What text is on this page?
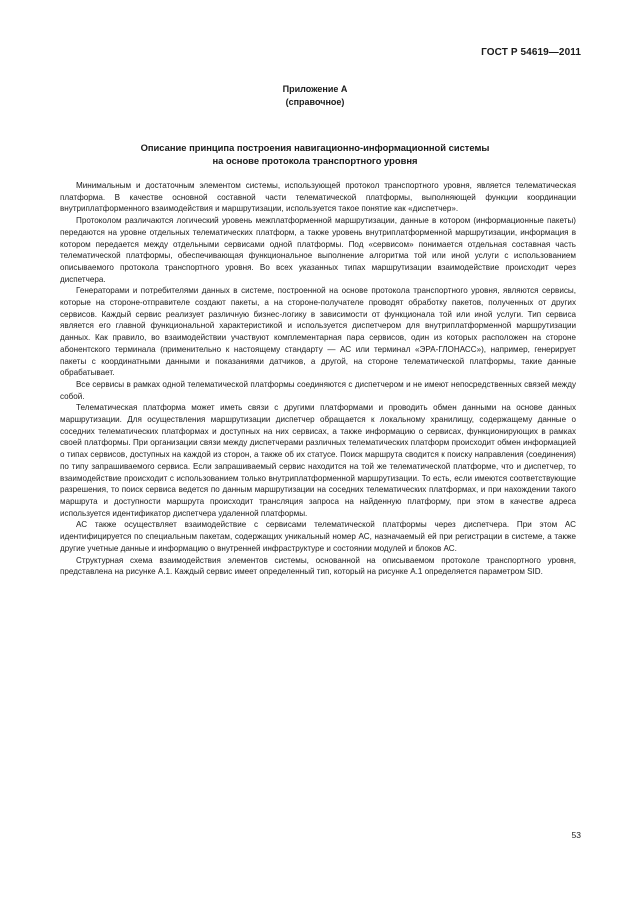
ГОСТ Р 54619—2011
Приложение А
(справочное)
Описание принципа построения навигационно-информационной системы
на основе протокола транспортного уровня

Минимальным и достаточным элементом системы, использующей протокол транспортного уровня, является телематическая платформа. В качестве основной составной части телематической платформы, выполняющей функции координации внутриплатформенного взаимодействия и маршрутизации, используется такое понятие как «диспетчер».

Протоколом различаются логический уровень межплатформенной маршрутизации, данные в котором (информационные пакеты) передаются на уровне отдельных телематических платформ, а также уровень внутриплатформенной маршрутизации, информация в котором передается между отдельными сервисами одной платформы. Под «сервисом» понимается отдельная составная часть телематической платформы, обеспечивающая функциональное выполнение алгоритма той или иной услуги с использованием описываемого протокола транспортного уровня. Во всех указанных типах маршрутизации взаимодействие происходит через диспетчера.

Генераторами и потребителями данных в системе, построенной на основе протокола транспортного уровня, являются сервисы, которые на стороне-отправителе создают пакеты, а на стороне-получателе проводят обработку пакетов, полученных от других сервисов. Каждый сервис реализует различную бизнес-логику в зависимости от функционала той или иной услуги. Тип сервиса является его главной функциональной характеристикой и используется диспетчером для внутриплатформенной маршрутизации данных. Как правило, во взаимодействии участвуют комплементарная пара сервисов, один из которых расположен на стороне абонентского терминала (применительно к настоящему стандарту — АС или терминал «ЭРА-ГЛОНАСС»), например, генерирует пакеты с координатными данными и показаниями датчиков, а другой, на стороне телематической платформы, такие данные обрабатывает.

Все сервисы в рамках одной телематической платформы соединяются с диспетчером и не имеют непосредственных связей между собой.

Телематическая платформа может иметь связи с другими платформами и проводить обмен данными на основе данных маршрутизации. Для осуществления маршрутизации диспетчер обращается к локальному хранилищу, содержащему данные о соседних телематических платформах и доступных на них сервисах, а также информацию о сервисах, функционирующих в рамках своей платформы. При организации связи между диспетчерами различных телематических платформ происходит обмен информацией о типах сервисов, доступных на каждой из сторон, а также об их статусе. Поиск маршрута сводится к поиску направления (соединения) по типу запрашиваемого сервиса. Если запрашиваемый сервис находится на той же телематической платформе, что и диспетчер, то взаимодействие происходит с использованием только внутриплатформенной маршрутизации. То есть, если имеются соответствующие разрешения, то поиск сервиса ведется по данным маршрутизации на соседних телематических платформах, и при нахождении такого маршрута и доступности маршрута происходит трансляция запроса на найденную платформу, при этом в качестве адреса используется идентификатор диспетчера удаленной платформы.

АС также осуществляет взаимодействие с сервисами телематической платформы через диспетчера. При этом АС идентифицируется по специальным пакетам, содержащих уникальный номер АС, назначаемый ей при регистрации в системе, а также другие учетные данные и информацию о внутренней инфраструктуре и состоянии модулей и блоков АС.

Структурная схема взаимодействия элементов системы, основанной на описываемом протоколе транспортного уровня, представлена на рисунке А.1. Каждый сервис имеет определенный тип, который на рисунке А.1 определяется параметром SID.

53
